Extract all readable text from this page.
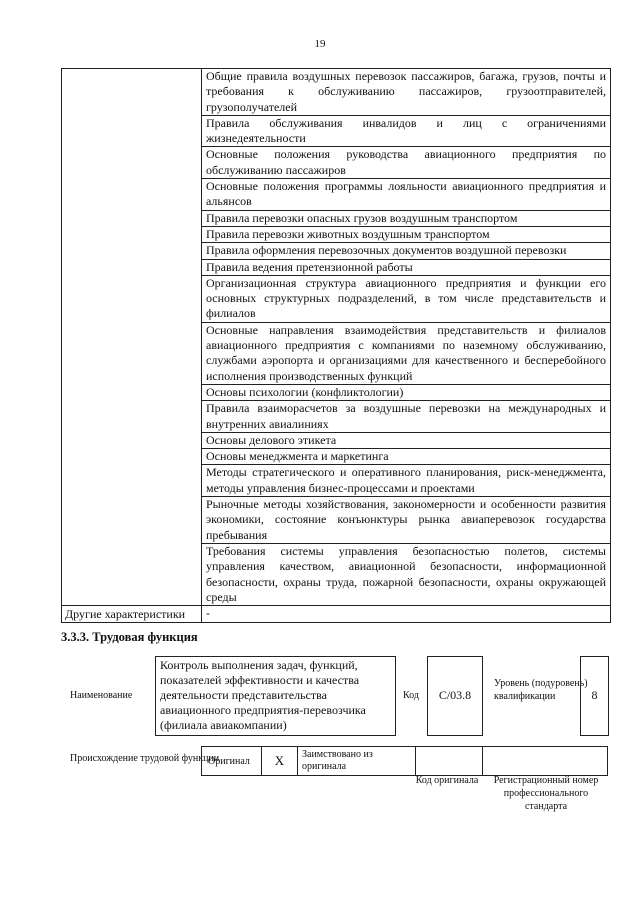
19
Общие правила воздушных перевозок пассажиров, багажа, грузов, почты и требования к обслуживанию пассажиров, грузоотправителей, грузополучателей
Правила обслуживания инвалидов и лиц с ограничениями жизнедеятельности
Основные положения руководства авиационного предприятия по обслуживанию пассажиров
Основные положения программы лояльности авиационного предприятия и альянсов
Правила перевозки опасных грузов воздушным транспортом
Правила перевозки животных воздушным транспортом
Правила оформления перевозочных документов воздушной перевозки
Правила ведения претензионной работы
Организационная структура авиационного предприятия и функции его основных структурных подразделений, в том числе представительств и филиалов
Основные направления взаимодействия представительств и филиалов авиационного предприятия с компаниями по наземному обслуживанию, службами аэропорта и организациями для качественного и бесперебойного исполнения производственных функций
Основы психологии (конфликтологии)
Правила взаиморасчетов за воздушные перевозки на международных и внутренних авиалиниях
Основы делового этикета
Основы менеджмента и маркетинга
Методы стратегического и оперативного планирования, риск-менеджмента, методы управления бизнес-процессами и проектами
Рыночные методы хозяйствования, закономерности и особенности развития экономики, состояние конъюнктуры рынка авиаперевозок государства пребывания
Требования системы управления безопасностью полетов, системы управления качеством, авиационной безопасности, информационной безопасности, охраны труда, пожарной безопасности, охраны окружающей среды
Другие характеристики	-
3.3.3. Трудовая функция
Наименование
Контроль выполнения задач, функций, показателей эффективности и качества деятельности представительства авиационного предприятия-перевозчика (филиала авиакомпании)
Код	C/03.8
Уровень (подуровень) квалификации	8
Происхождение трудовой функции
Оригинал	X	Заимствовано из оригинала
Код оригинала	Регистрационный номер профессионального стандарта
